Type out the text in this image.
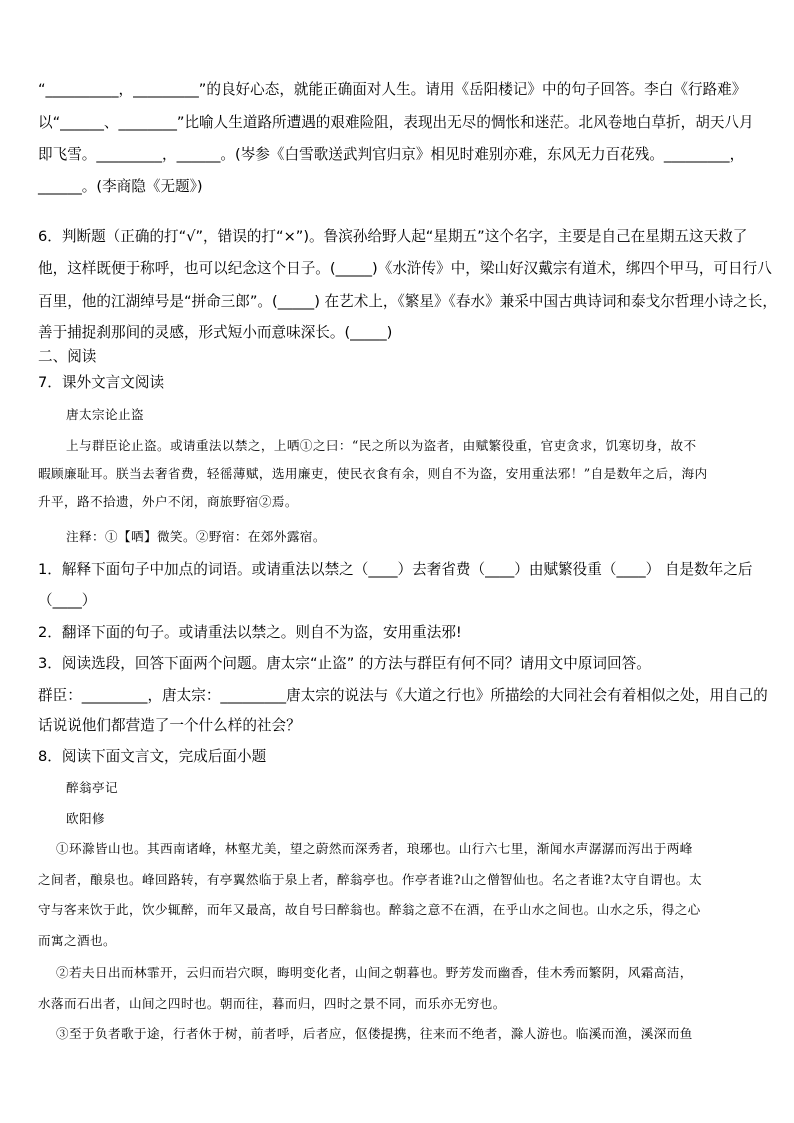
“__________，_________”的良好心态，就能正确面对人生。请用《岳阳楼记》中的句子回答。李白《行路难》
以“______、________”比喻人生道路所遭遇的艰难险阻，表现出无尽的惆怅和迷茫。北风卷地白草折，胡天八月
即飞雪。_________，______。(岑参《白雪歌送武判官归京》相见时难别亦难，东风无力百花残。_________，
______。(李商隐《无题》)
6．判断题（正确的打“√”，错误的打“×”)。鲁滨孙给野人起“星期五”这个名字，主要是自己在星期五这天救了
他，这样既便于称呼，也可以纪念这个日子。(_____)《水浒传》中，梁山好汉戴宗有道术，绑四个甲马，可日行八
百里，他的江湖绰号是“拼命三郎”。(_____) 在艺术上，《繁星》《春水》兼采中国古典诗词和泰戈尔哲理小诗之长，
善于捕捉刹那间的灵感，形式短小而意味深长。(_____)
二、阅读
7．课外文言文阅读
唐太宗论止盗
上与群臣论止盗。或请重法以禁之，上哂①之曰：“民之所以为盗者，由赋繁役重，官吏贪求，饥寒切身，故不
暇顾廉耻耳。朕当去奢省费，轻徭薄赋，选用廉吏，使民衣食有余，则自不为盗，安用重法邪！”自是数年之后，海内
升平，路不拾遗，外户不闭，商旅野宿②焉。
注释：①【哂】微笑。②野宿：在郊外露宿。
1．解释下面句子中加点的词语。或请重法以禁之（____）去奢省费（____）由赋繁役重（____） 自是数年之后
（____）
2．翻译下面的句子。或请重法以禁之。则自不为盗，安用重法邪!
3．阅读选段，回答下面两个问题。唐太宗“止盗” 的方法与群臣有何不同？请用文中原词回答。
群臣：_________，唐太宗：_________唐太宗的说法与《大道之行也》所描绘的大同社会有着相似之处，用自己的
话说说他们都营造了一个什么样的社会？
8．阅读下面文言文，完成后面小题
醉翁亭记
欧阳修
①环滁皆山也。其西南诸峰，林壑尤美，望之蔚然而深秀者，琅琊也。山行六七里，渐闻水声潺潺而泻出于两峰
之间者，酿泉也。峰回路转，有亭翼然临于泉上者，醉翁亭也。作亭者谁?山之僧智仙也。名之者谁?太守自谓也。太
守与客来饮于此，饮少辄醉，而年又最高，故自号曰醉翁也。醉翁之意不在酒，在乎山水之间也。山水之乐，得之心
而寓之酒也。
②若夫日出而林霏开，云归而岩穴暝，晦明变化者，山间之朝暮也。野芳发而幽香，佳木秀而繁阴，风霜高洁，
水落而石出者，山间之四时也。朝而往，暮而归，四时之景不同，而乐亦无穷也。
③至于负者歌于途，行者休于树，前者呼，后者应，伛偻提携，往来而不绝者，滁人游也。临溪而渔，溪深而鱼
